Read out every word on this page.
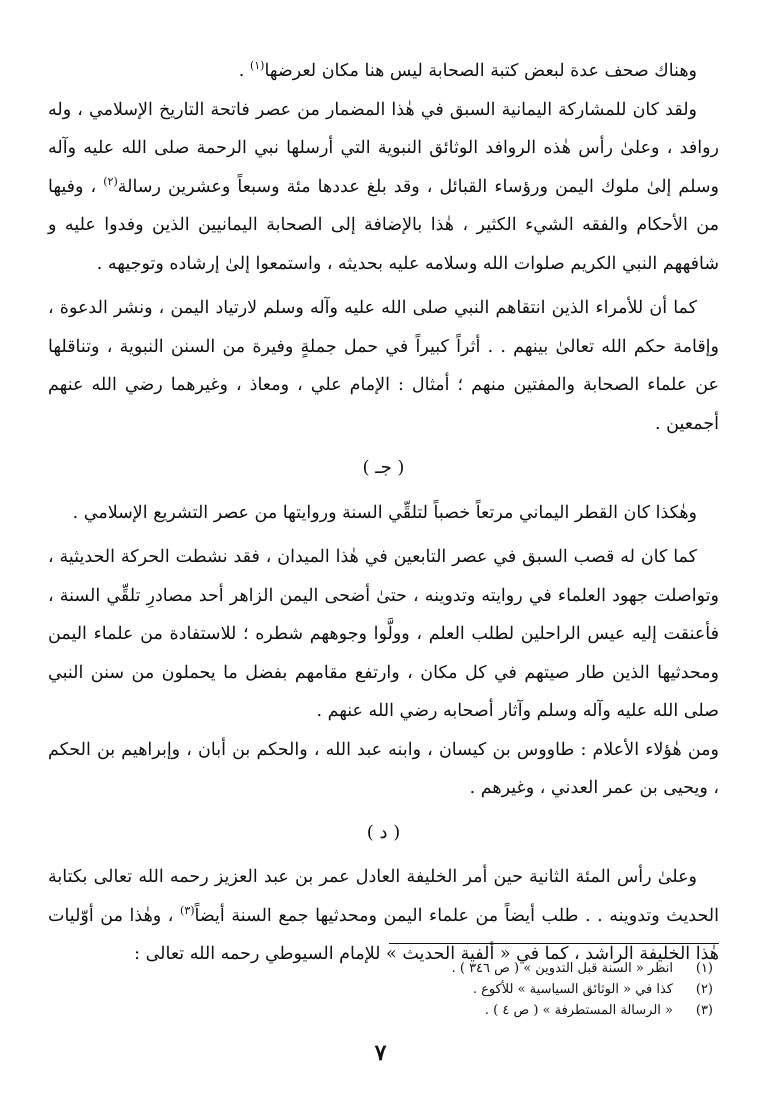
وهناك صحف عدة لبعض كتبة الصحابة ليس هنا مكان لعرضها$^{(١)}$ .

ولقد كان للمشاركة اليمانية السبق في هٰذا المضمار من عصر فاتحة التاريخ الإسلامي ، وله روافد ، وعلىٰ رأس هٰذه الروافد الوثائق النبوية التي أرسلها نبي الرحمة صلى الله عليه وآله وسلم إلىٰ ملوك اليمن ورؤساء القبائل ، وقد بلغ عددها مئة وسبعاً وعشرين رسالة$^{(٢)}$ ، وفيها من الأحكام والفقه الشيء الكثير ، هٰذا بالإضافة إلى الصحابة اليمانيين الذين وفدوا عليه و شافههم النبي الكريم صلوات الله وسلامه عليه بحديثه ، واستمعوا إلىٰ إرشاده وتوجيهه .

كما أن للأمراء الذين انتقاهم النبي صلى الله عليه وآله وسلم لارتياد اليمن ، ونشر الدعوة ، وإقامة حكم الله تعالىٰ بينهم . . أثراً كبيراً في حمل جملةٍ وفيرة من السنن النبوية ، وتناقلها عن علماء الصحابة والمفتين منهم ؛ أمثال : الإمام علي ، ومعاذ ، وغيرهما رضي الله عنهم أجمعين .

( جـ )

وهٰكذا كان القطر اليماني مرتعاً خصباً لتلقِّي السنة وروايتها من عصر التشريع الإسلامي .

كما كان له قصب السبق في عصر التابعين في هٰذا الميدان ، فقد نشطت الحركة الحديثية ، وتواصلت جهود العلماء في روايته وتدوينه ، حتىٰ أضحى اليمن الزاهر أحد مصادرِ تلقِّي السنة ، فأعنقت إليه عيس الراحلين لطلب العلم ، وولَّوا وجوههم شطره ؛ للاستفادة من علماء اليمن ومحدثيها الذين طار صيتهم في كل مكان ، وارتفع مقامهم بفضل ما يحملون من سنن النبي صلى الله عليه وآله وسلم وآثار أصحابه رضي الله عنهم .

ومن هٰؤلاء الأعلام : طاووس بن كيسان ، وابنه عبد الله ، والحكم بن أبان ، وإبراهيم بن الحكم ، ويحيى بن عمر العدني ، وغيرهم .

( د )

وعلىٰ رأس المئة الثانية حين أمر الخليفة العادل عمر بن عبد العزيز رحمه الله تعالى بكتابة الحديث وتدوينه . . طلب أيضاً من علماء اليمن ومحدثيها جمع السنة أيضاً$^{(٣)}$ ، وهٰذا من أوّليات هٰذا الخليفة الراشد ، كما في « ألفية الحديث » للإمام السيوطي رحمه الله تعالى :

(١)
انظر « السنة قبل التدوين » ( ص ٣٤٦ ) .
(٢)
كذا في « الوثائق السياسية » للأكوع .
(٣)
« الرسالة المستطرفة » ( ص ٤ ) .
٧
